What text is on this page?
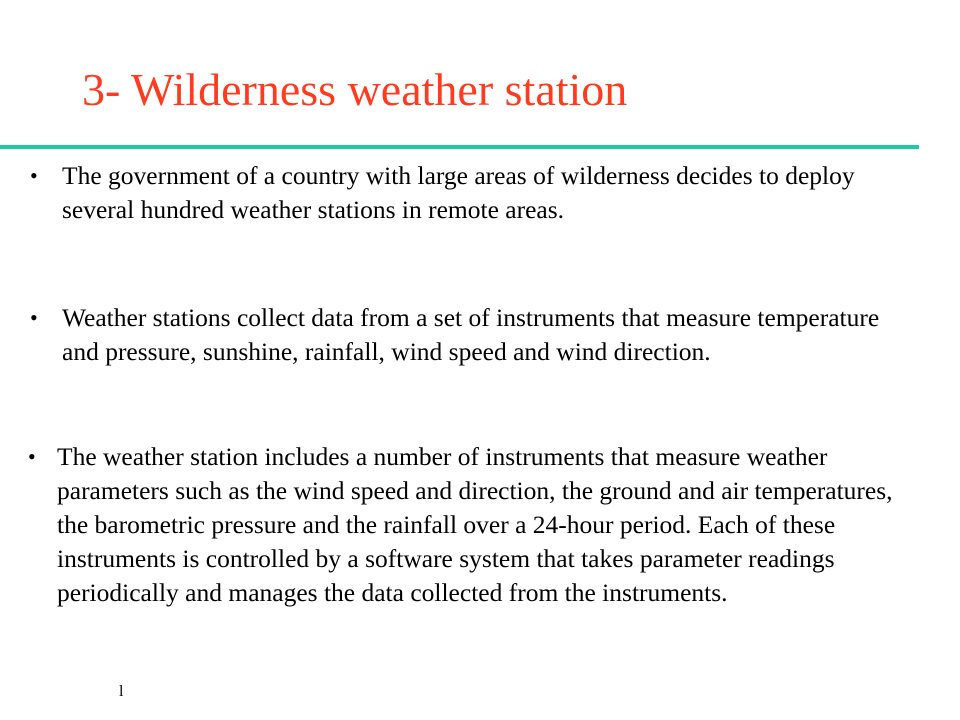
3- Wilderness weather station
• The government of a country with large areas of wilderness decides to deploy several hundred weather stations in remote areas.
• Weather stations collect data from a set of instruments that measure temperature and pressure, sunshine, rainfall, wind speed and wind direction.
• The weather station includes a number of instruments that measure weather parameters such as the wind speed and direction, the ground and air temperatures, the barometric pressure and the rainfall over a 24-hour period. Each of these instruments is controlled by a software system that takes parameter readings periodically and manages the data collected from the instruments.
l
